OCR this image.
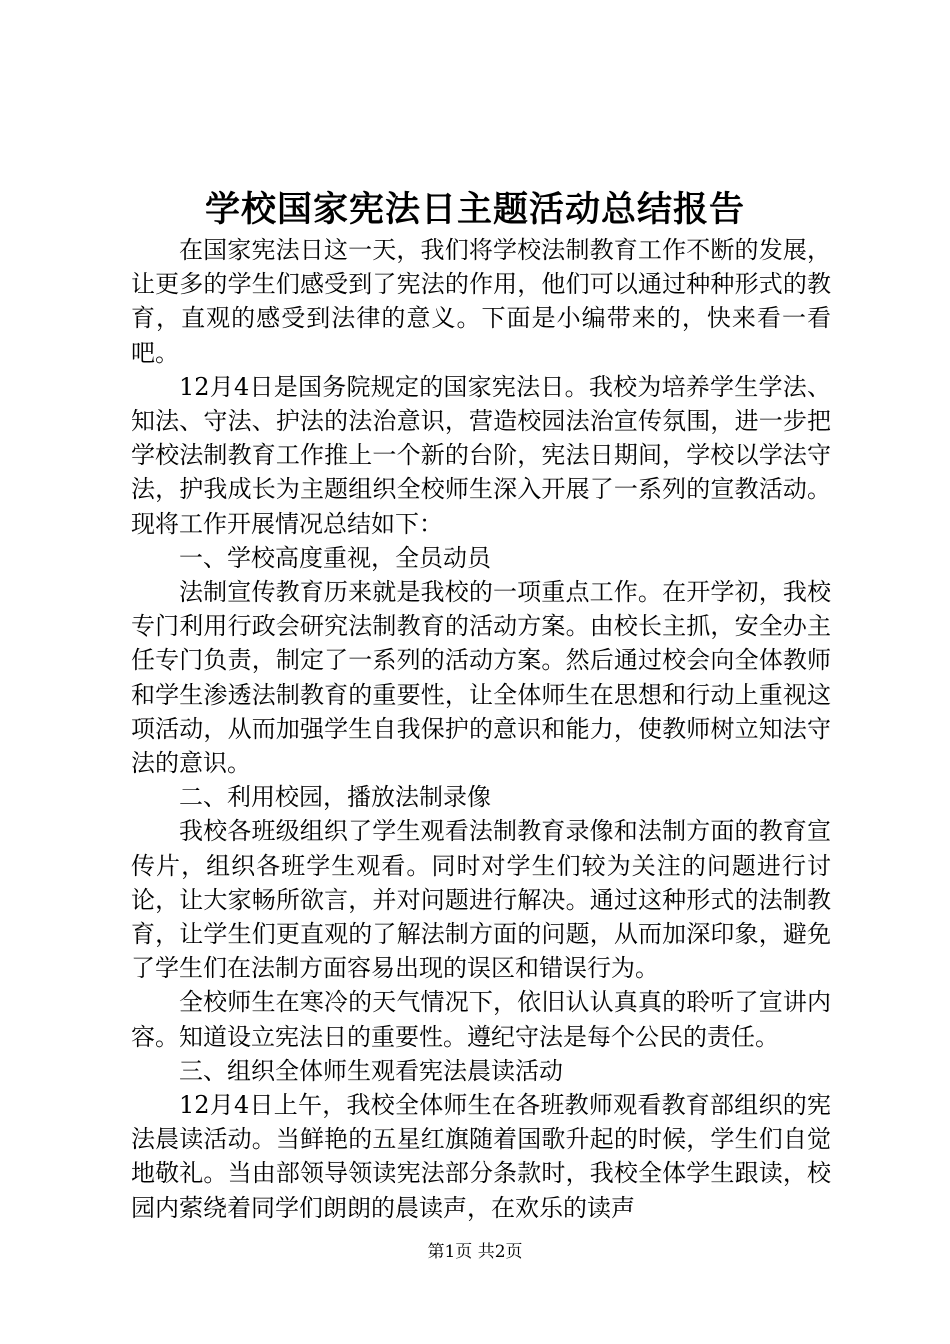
学校国家宪法日主题活动总结报告

在国家宪法日这一天，我们将学校法制教育工作不断的发展，让更多的学生们感受到了宪法的作用，他们可以通过种种形式的教育，直观的感受到法律的意义。下面是小编带来的，快来看一看吧。

12月4日是国务院规定的国家宪法日。我校为培养学生学法、知法、守法、护法的法治意识，营造校园法治宣传氛围，进一步把学校法制教育工作推上一个新的台阶，宪法日期间，学校以学法守法，护我成长为主题组织全校师生深入开展了一系列的宣教活动。现将工作开展情况总结如下：

一、学校高度重视，全员动员

法制宣传教育历来就是我校的一项重点工作。在开学初，我校专门利用行政会研究法制教育的活动方案。由校长主抓，安全办主任专门负责，制定了一系列的活动方案。然后通过校会向全体教师和学生渗透法制教育的重要性，让全体师生在思想和行动上重视这项活动，从而加强学生自我保护的意识和能力，使教师树立知法守法的意识。

二、利用校园，播放法制录像

我校各班级组织了学生观看法制教育录像和法制方面的教育宣传片，组织各班学生观看。同时对学生们较为关注的问题进行讨论，让大家畅所欲言，并对问题进行解决。通过这种形式的法制教育，让学生们更直观的了解法制方面的问题，从而加深印象，避免了学生们在法制方面容易出现的误区和错误行为。

全校师生在寒冷的天气情况下，依旧认认真真的聆听了宣讲内容。知道设立宪法日的重要性。遵纪守法是每个公民的责任。

三、组织全体师生观看宪法晨读活动

12月4日上午，我校全体师生在各班教师观看教育部组织的宪法晨读活动。当鲜艳的五星红旗随着国歌升起的时候，学生们自觉地敬礼。当由部领导领读宪法部分条款时，我校全体学生跟读，校园内萦绕着同学们朗朗的晨读声，在欢乐的读声

第1页 共2页
